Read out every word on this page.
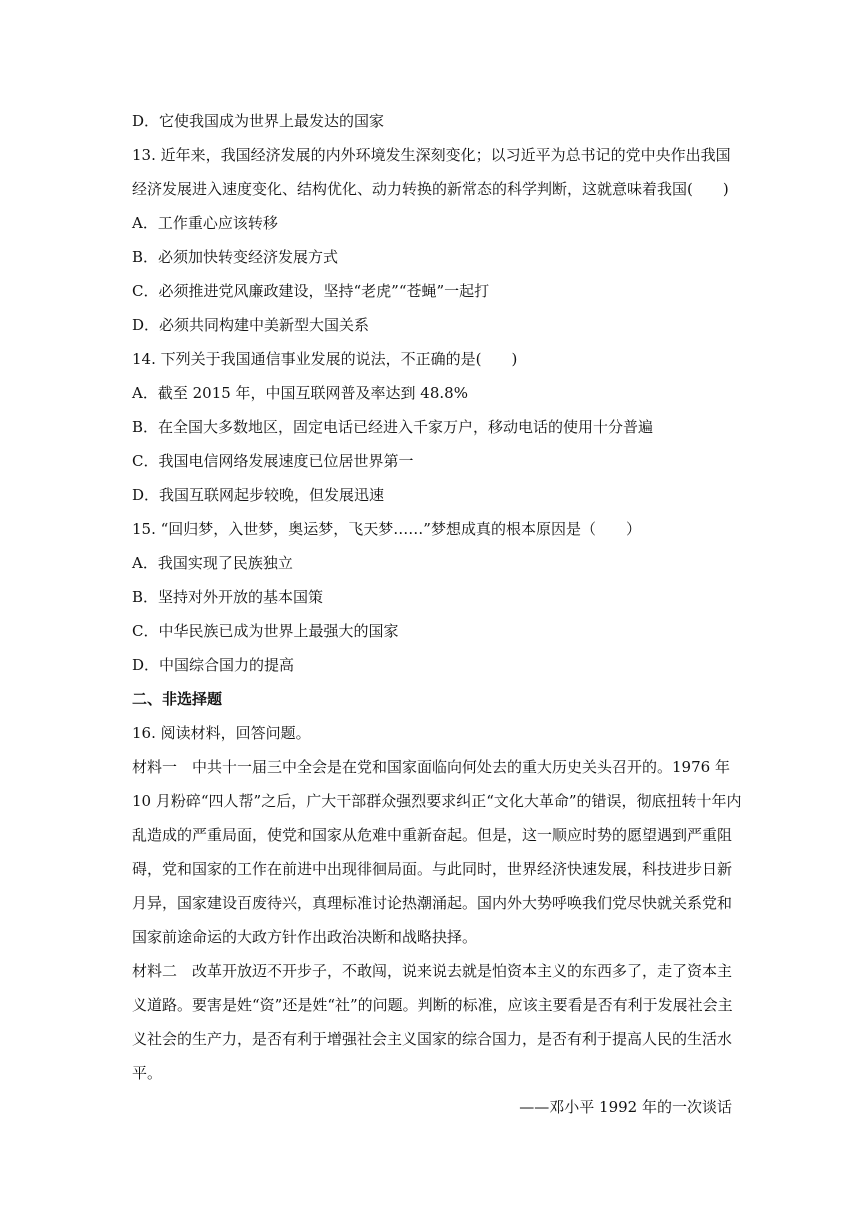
D．它使我国成为世界上最发达的国家
13. 近年来，我国经济发展的内外环境发生深刻变化；以习近平为总书记的党中央作出我国
经济发展进入速度变化、结构优化、动力转换的新常态的科学判断，这就意味着我国(　　)
A．工作重心应该转移
B．必须加快转变经济发展方式
C．必须推进党风廉政建设，坚持“老虎”“苍蝇”一起打
D．必须共同构建中美新型大国关系
14. 下列关于我国通信事业发展的说法，不正确的是(　　)
A．截至 2015 年，中国互联网普及率达到 48.8%
B．在全国大多数地区，固定电话已经进入千家万户，移动电话的使用十分普遍
C．我国电信网络发展速度已位居世界第一
D．我国互联网起步较晚，但发展迅速
15. “回归梦，入世梦，奥运梦，飞天梦……”梦想成真的根本原因是（　　）
A．我国实现了民族独立
B．坚持对外开放的基本国策
C．中华民族已成为世界上最强大的国家
D．中国综合国力的提高
二、非选择题
16. 阅读材料，回答问题。
材料一　中共十一届三中全会是在党和国家面临向何处去的重大历史关头召开的。1976 年
10 月粉碎“四人帮”之后，广大干部群众强烈要求纠正“文化大革命”的错误，彻底扭转十年内
乱造成的严重局面，使党和国家从危难中重新奋起。但是，这一顺应时势的愿望遇到严重阻
碍，党和国家的工作在前进中出现徘徊局面。与此同时，世界经济快速发展，科技进步日新
月异，国家建设百废待兴，真理标准讨论热潮涌起。国内外大势呼唤我们党尽快就关系党和
国家前途命运的大政方针作出政治决断和战略抉择。
材料二　改革开放迈不开步子，不敢闯，说来说去就是怕资本主义的东西多了，走了资本主
义道路。要害是姓“资”还是姓“社”的问题。判断的标准，应该主要看是否有利于发展社会主
义社会的生产力，是否有利于增强社会主义国家的综合国力，是否有利于提高人民的生活水
平。
——邓小平 1992 年的一次谈话
